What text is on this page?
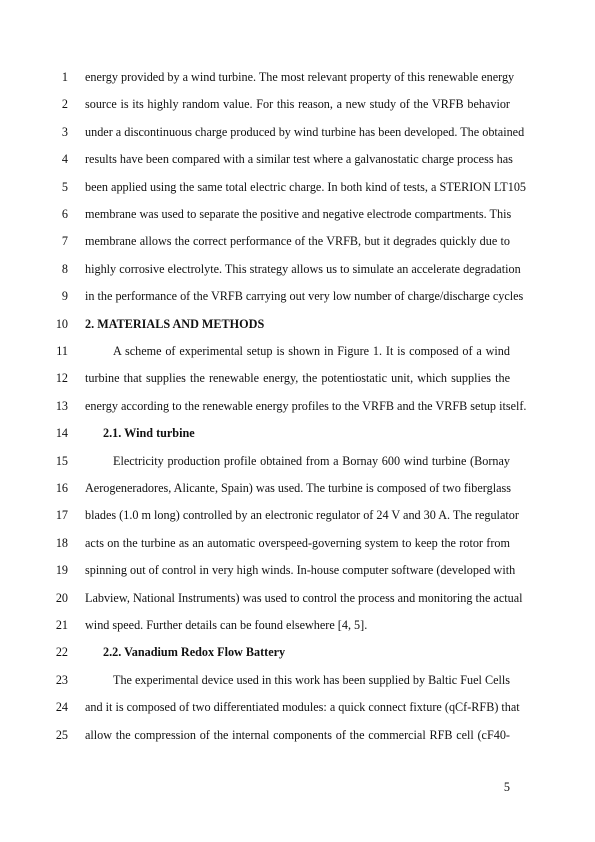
1 energy provided by a wind turbine. The most relevant property of this renewable energy
2 source is its highly random value. For this reason, a new study of the VRFB behavior
3 under a discontinuous charge produced by wind turbine has been developed. The obtained
4 results have been compared with a similar test where a galvanostatic charge process has
5 been applied using the same total electric charge. In both kind of tests, a STERION LT105
6 membrane was used to separate the positive and negative electrode compartments. This
7 membrane allows the correct performance of the VRFB, but it degrades quickly due to
8 highly corrosive electrolyte. This strategy allows us to simulate an accelerate degradation
9 in the performance of the VRFB carrying out very low number of charge/discharge cycles
10 2. MATERIALS AND METHODS
11	A scheme of experimental setup is shown in Figure 1. It is composed of a wind
12 turbine that supplies the renewable energy, the potentiostatic unit, which supplies the
13 energy according to the renewable energy profiles to the VRFB and the VRFB setup itself.
14	2.1. Wind turbine
15	Electricity production profile obtained from a Bornay 600 wind turbine (Bornay
16 Aerogeneradores, Alicante, Spain) was used. The turbine is composed of two fiberglass
17 blades (1.0 m long) controlled by an electronic regulator of 24 V and 30 A. The regulator
18 acts on the turbine as an automatic overspeed-governing system to keep the rotor from
19 spinning out of control in very high winds. In-house computer software (developed with
20 Labview, National Instruments) was used to control the process and monitoring the actual
21 wind speed. Further details can be found elsewhere [4, 5].
22	2.2. Vanadium Redox Flow Battery
23	The experimental device used in this work has been supplied by Baltic Fuel Cells
24 and it is composed of two differentiated modules: a quick connect fixture (qCf-RFB) that
25 allow the compression of the internal components of the commercial RFB cell (cF40-
5
